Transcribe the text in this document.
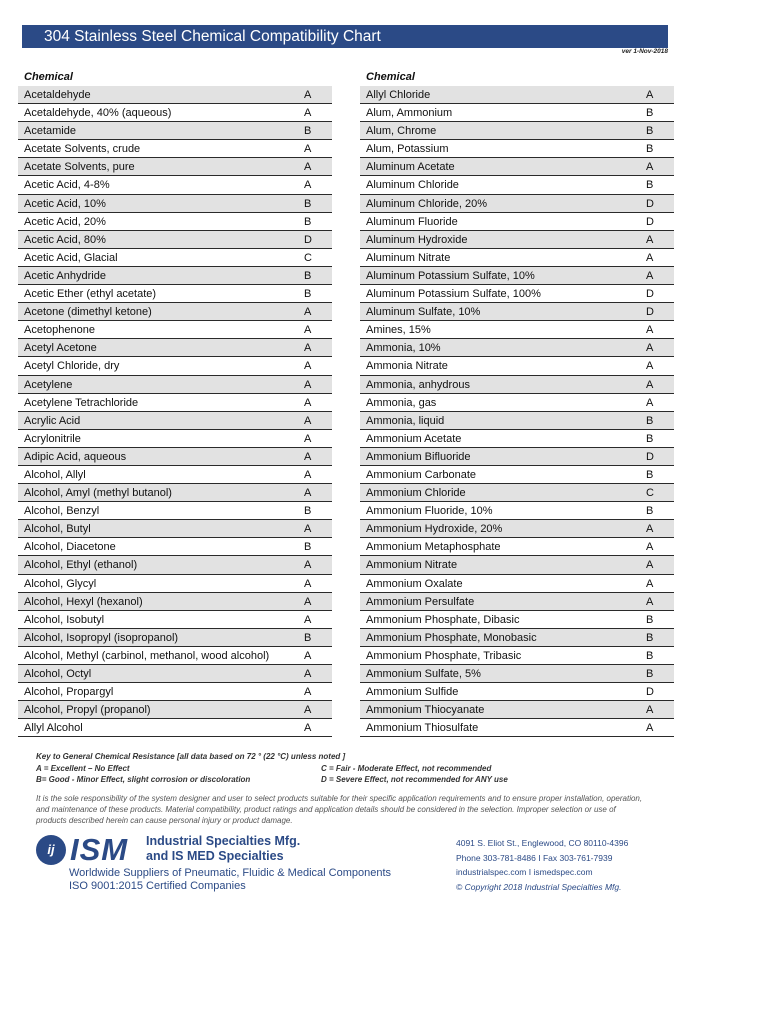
304 Stainless Steel Chemical Compatibility Chart
ver 1-Nov-2018
Chemical
Acetaldehyde	A
Acetaldehyde, 40% (aqueous)	A
Acetamide	B
Acetate Solvents, crude	A
Acetate Solvents, pure	A
Acetic Acid, 4-8%	A
Acetic Acid, 10%	B
Acetic Acid, 20%	B
Acetic Acid, 80%	D
Acetic Acid, Glacial	C
Acetic Anhydride	B
Acetic Ether (ethyl acetate)	B
Acetone (dimethyl ketone)	A
Acetophenone	A
Acetyl Acetone	A
Acetyl Chloride, dry	A
Acetylene	A
Acetylene Tetrachloride	A
Acrylic Acid	A
Acrylonitrile	A
Adipic Acid, aqueous	A
Alcohol, Allyl	A
Alcohol, Amyl (methyl butanol)	A
Alcohol, Benzyl	B
Alcohol, Butyl	A
Alcohol, Diacetone	B
Alcohol, Ethyl (ethanol)	A
Alcohol, Glycyl	A
Alcohol, Hexyl (hexanol)	A
Alcohol, Isobutyl	A
Alcohol, Isopropyl (isopropanol)	B
Alcohol, Methyl (carbinol, methanol, wood alcohol)	A
Alcohol, Octyl	A
Alcohol, Propargyl	A
Alcohol, Propyl (propanol)	A
Allyl Alcohol	A
Chemical
Allyl Chloride	A
Alum, Ammonium	B
Alum, Chrome	B
Alum, Potassium	B
Aluminum Acetate	A
Aluminum Chloride	B
Aluminum Chloride, 20%	D
Aluminum Fluoride	D
Aluminum Hydroxide	A
Aluminum Nitrate	A
Aluminum Potassium Sulfate, 10%	A
Aluminum Potassium Sulfate, 100%	D
Aluminum Sulfate, 10%	D
Amines, 15%	A
Ammonia, 10%	A
Ammonia Nitrate	A
Ammonia, anhydrous	A
Ammonia, gas	A
Ammonia, liquid	B
Ammonium Acetate	B
Ammonium Bifluoride	D
Ammonium Carbonate	B
Ammonium Chloride	C
Ammonium Fluoride, 10%	B
Ammonium Hydroxide, 20%	A
Ammonium Metaphosphate	A
Ammonium Nitrate	A
Ammonium Oxalate	A
Ammonium Persulfate	A
Ammonium Phosphate, Dibasic	B
Ammonium Phosphate, Monobasic	B
Ammonium Phosphate, Tribasic	B
Ammonium Sulfate, 5%	B
Ammonium Sulfide	D
Ammonium Thiocyanate	A
Ammonium Thiosulfate	A
Key to General Chemical Resistance [all data based on 72 ° (22 °C) unless noted ]
A = Excellent – No Effect	C = Fair - Moderate Effect, not recommended
B= Good - Minor Effect, slight corrosion or discoloration	D = Severe Effect, not recommended for ANY use
It is the sole responsibility of the system designer and user to select products suitable for their specific application requirements and to ensure proper installation, operation, and maintenance of these products. Material compatibility, product ratings and application details should be considered in the selection. Improper selection or use of products described herein can cause personal injury or product damage.
ij ISM Industrial Specialties Mfg.
and IS MED Specialties
Worldwide Suppliers of Pneumatic, Fluidic & Medical Components
ISO 9001:2015 Certified Companies
4091 S. Eliot St., Englewood, CO 80110-4396
Phone 303-781-8486 I Fax 303-761-7939
industrialspec.com I ismedspec.com
© Copyright 2018 Industrial Specialties Mfg.
